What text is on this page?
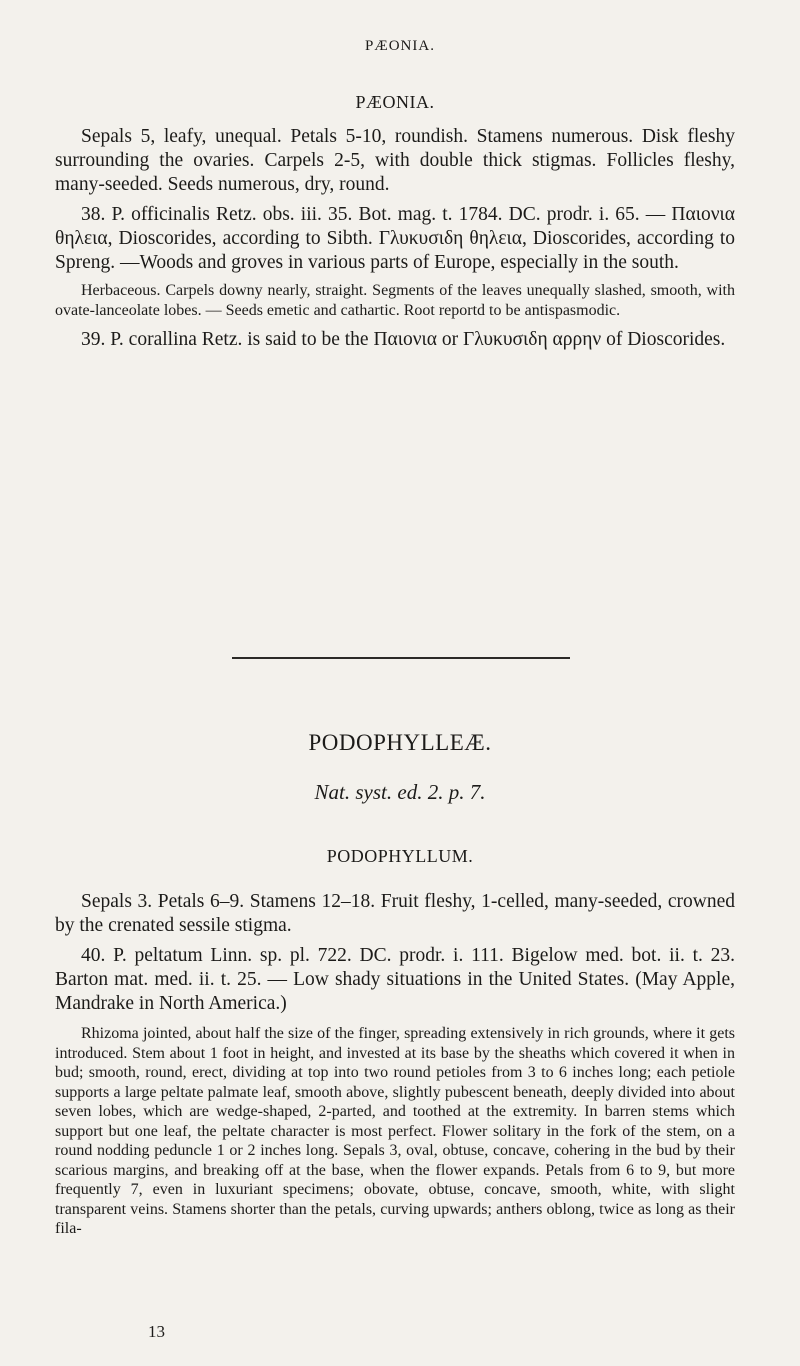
PÆONIA.
PÆONIA.

Sepals 5, leafy, unequal. Petals 5-10, roundish. Stamens numerous. Disk fleshy surrounding the ovaries. Carpels 2-5, with double thick stigmas. Follicles fleshy, many-seeded. Seeds numerous, dry, round.

38. P. officinalis Retz. obs. iii. 35. Bot. mag. t. 1784. DC. prodr. i. 65. — Παιονια θηλεια, Dioscorides, according to Sibth. Γλυκυσιδη θηλεια, Dioscorides, according to Spreng. —Woods and groves in various parts of Europe, especially in the south.

Herbaceous. Carpels downy nearly, straight. Segments of the leaves unequally slashed, smooth, with ovate-lanceolate lobes. — Seeds emetic and cathartic. Root reportd to be antispasmodic.

39. P. corallina Retz. is said to be the Παιονια or Γλυκυσιδη αρρην of Dioscorides.

PODOPHYLLEÆ.
Nat. syst. ed. 2. p. 7.
PODOPHYLLUM.

Sepals 3. Petals 6–9. Stamens 12–18. Fruit fleshy, 1-celled, many-seeded, crowned by the crenated sessile stigma.

40. P. peltatum Linn. sp. pl. 722. DC. prodr. i. 111. Bigelow med. bot. ii. t. 23. Barton mat. med. ii. t. 25. — Low shady situations in the United States. (May Apple, Mandrake in North America.)

Rhizoma jointed, about half the size of the finger, spreading extensively in rich grounds, where it gets introduced. Stem about 1 foot in height, and invested at its base by the sheaths which covered it when in bud; smooth, round, erect, dividing at top into two round petioles from 3 to 6 inches long; each petiole supports a large peltate palmate leaf, smooth above, slightly pubescent beneath, deeply divided into about seven lobes, which are wedge-shaped, 2-parted, and toothed at the extremity. In barren stems which support but one leaf, the peltate character is most perfect. Flower solitary in the fork of the stem, on a round nodding peduncle 1 or 2 inches long. Sepals 3, oval, obtuse, concave, cohering in the bud by their scarious margins, and breaking off at the base, when the flower expands. Petals from 6 to 9, but more frequently 7, even in luxuriant specimens; obovate, obtuse, concave, smooth, white, with slight transparent veins. Stamens shorter than the petals, curving upwards; anthers oblong, twice as long as their fila-

13
